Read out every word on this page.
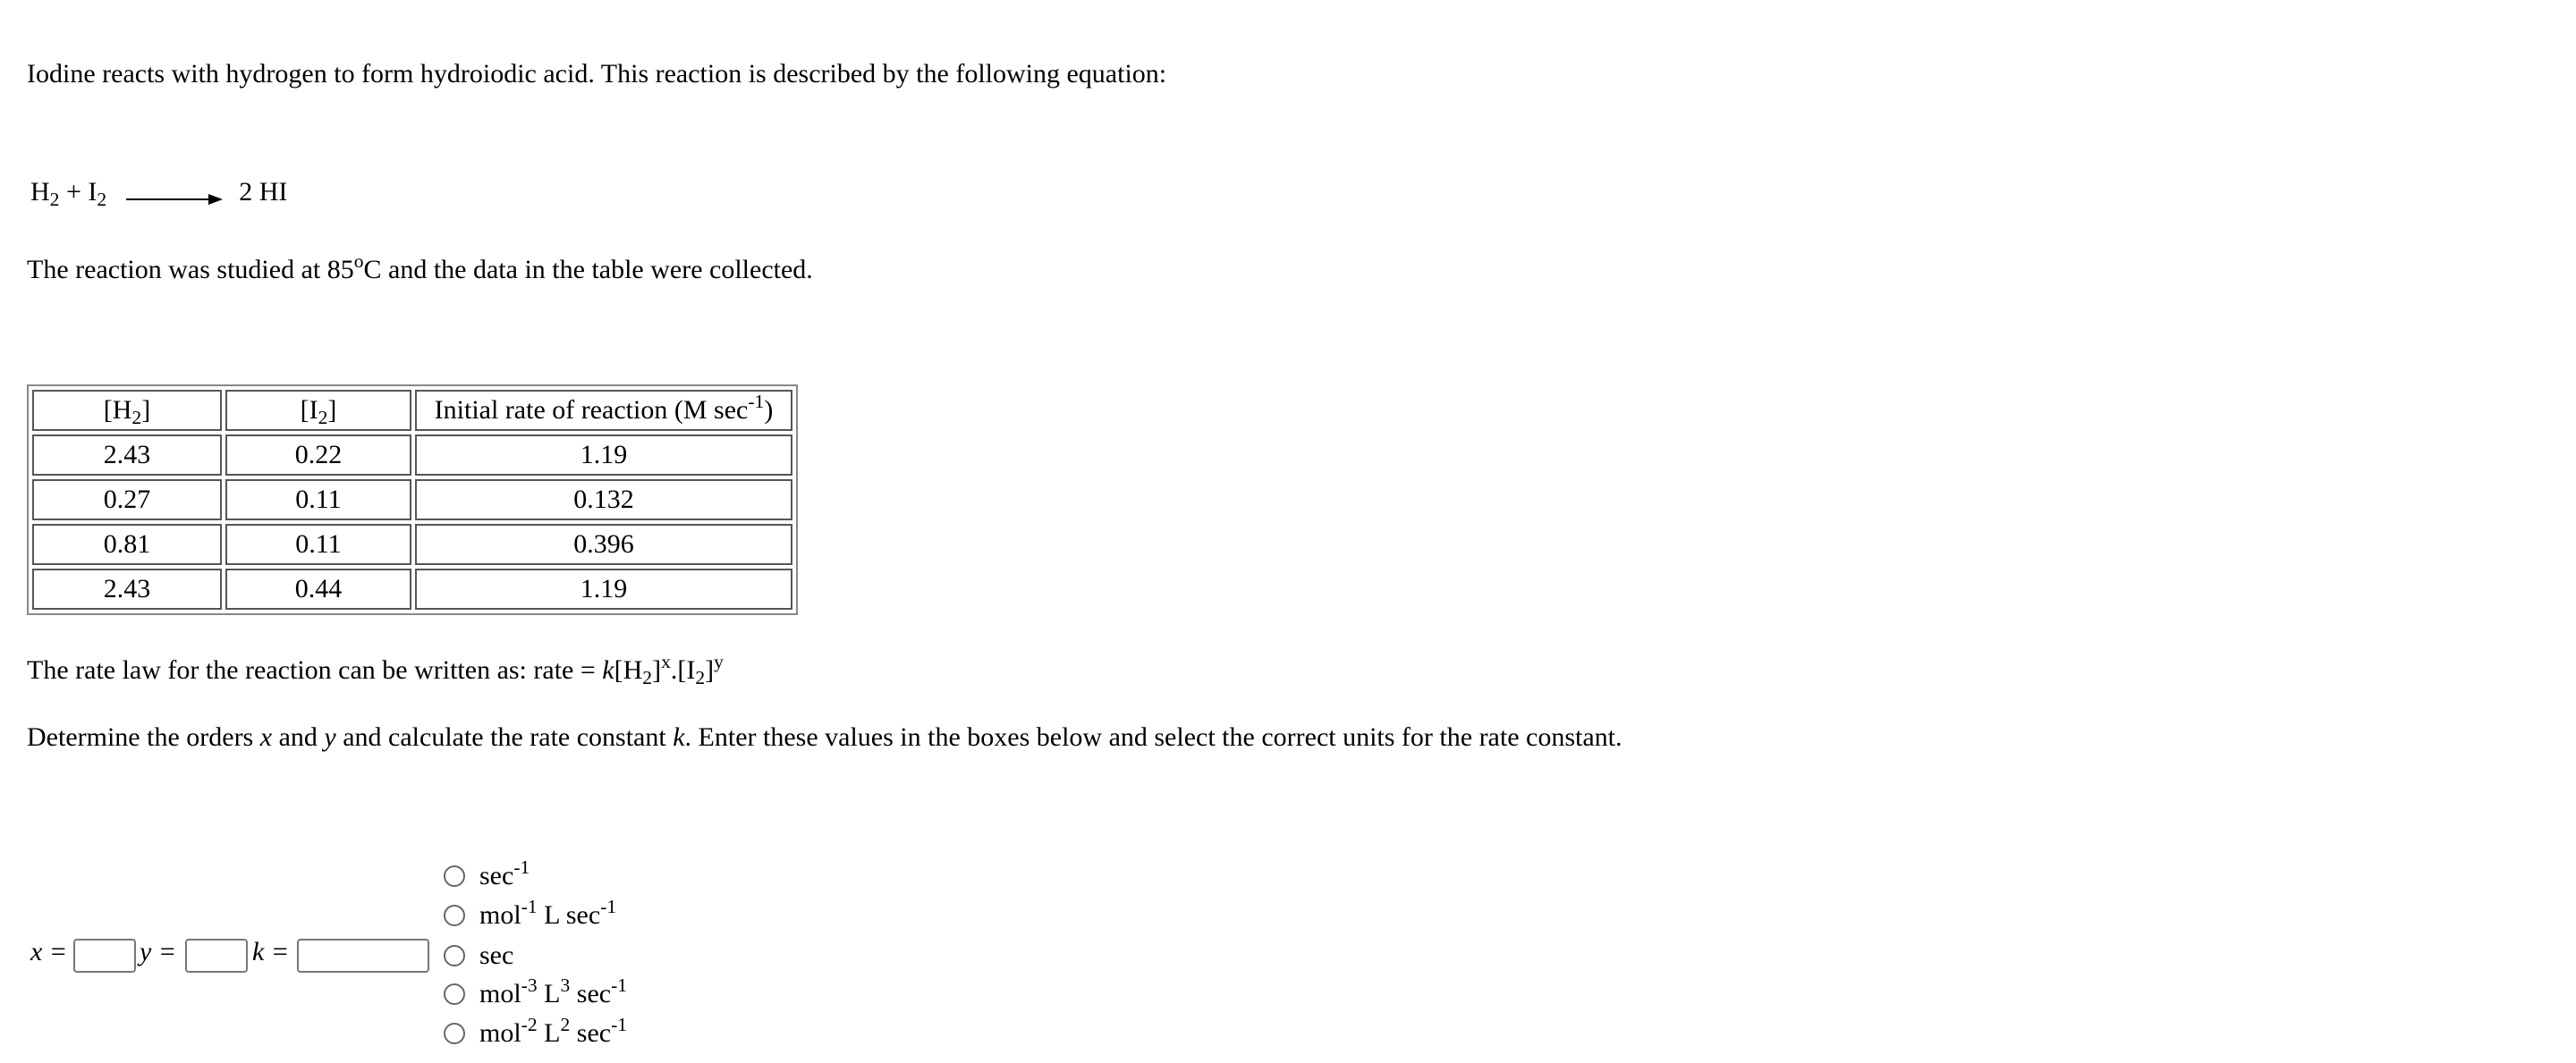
Iodine reacts with hydrogen to form hydroiodic acid. This reaction is described by the following equation:
$H_2 + I_2 \to 2$ HI
The reaction was studied at 85$^o$C and the data in the table were collected.
$[H_2]$	$[I_2]$	Initial rate of reaction (M $\sec^{-1}$)
2.43	0.22	1.19
0.27	0.11	0.132
0.81	0.11	0.396
2.43	0.44	1.19
The rate law for the reaction can be written as: rate = $k[H_2]^x.[I_2]^y$
Determine the orders x and y and calculate the rate constant k. Enter these values in the boxes below and select the correct units for the rate constant.
x =	y =	k =
$\sec^{-1}$
mol$^{-1}$ L $\sec^{-1}$
sec
mol$^{-3}$ $L^3$ $\sec^{-1}$
mol$^{-2}$ $L^2$ $\sec^{-1}$
